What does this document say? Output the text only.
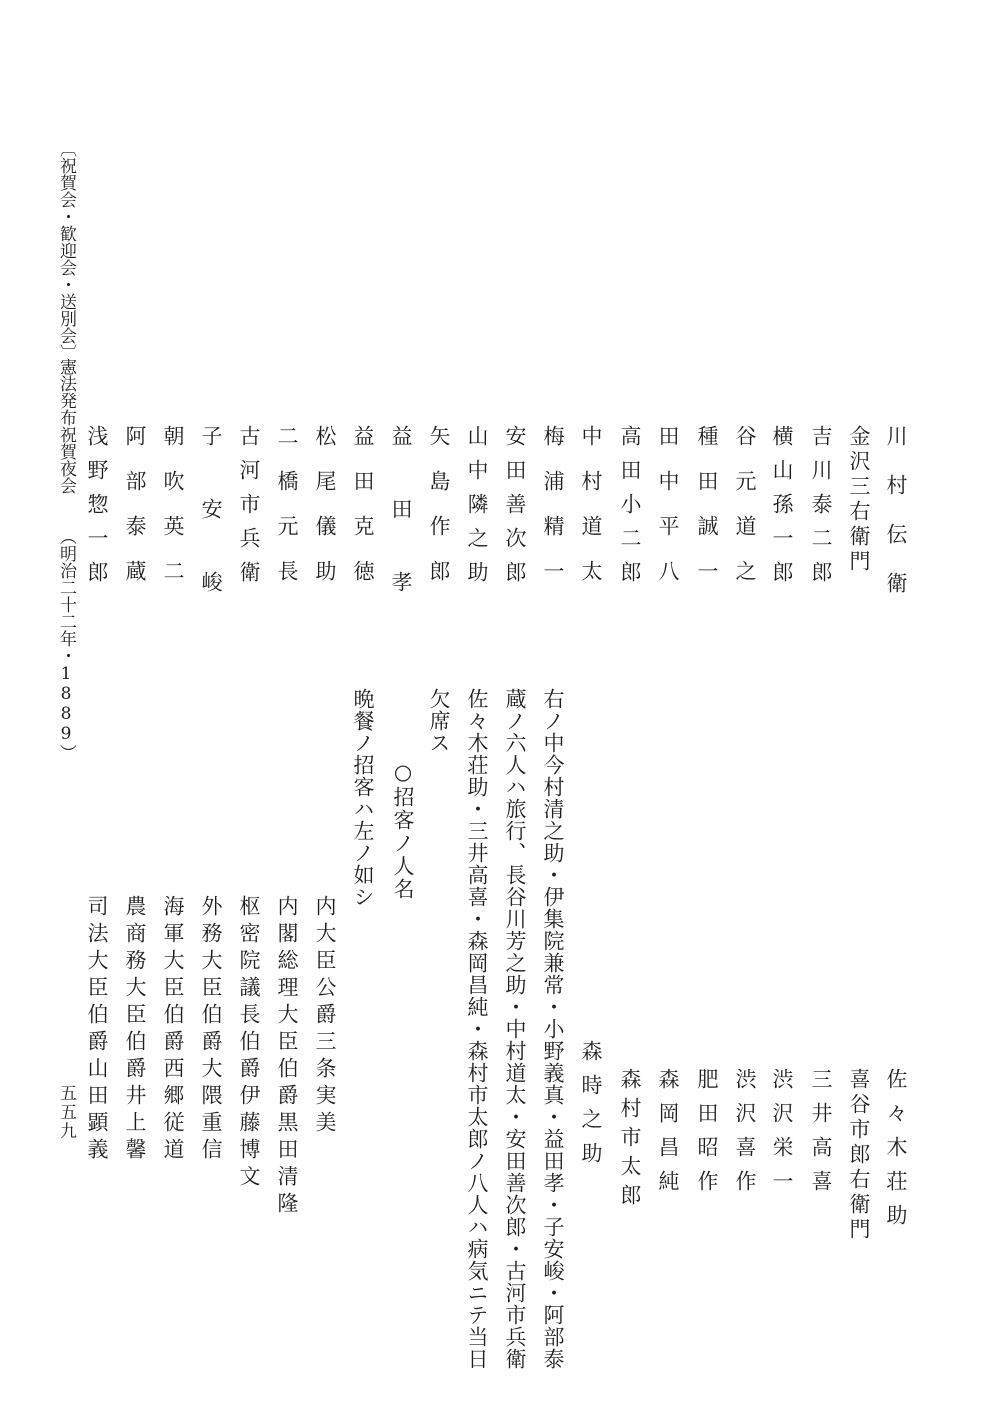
〔祝賀会・歓迎会・送別会〕
憲法発布祝賀夜会
（明治二十二年・1889）
五五九
川村伝衛
金沢三右衛門
吉川泰二郎
横山孫一郎
谷元道之
種田誠一
田中平八
高田小二郎
中村道太
梅浦精一
安田善次郎
山中隣之助
矢島作郎
益田孝
益田克徳
松尾儀助
二橋元長
古河市兵衛
子安峻
朝吹英二
阿部泰蔵
浅野惣一郎
佐々木荘助
喜谷市郎右衛門
三井高喜
渋沢栄一
渋沢喜作
肥田昭作
森岡昌純
森村市太郎
森時之助
右ノ中今村清之助・伊集院兼常・小野義真・益田孝・子安峻・阿部泰
蔵ノ六人ハ旅行、長谷川芳之助・中村道太・安田善次郎・古河市兵衛
佐々木荘助・三井高喜・森岡昌純・森村市太郎ノ八人ハ病気ニテ当日
欠席ス
○招客ノ人名
晩餐ノ招客ハ左ノ如シ
内大臣公爵三条実美
内閣総理大臣伯爵黒田清隆
枢密院議長伯爵伊藤博文
外務大臣伯爵大隈重信
海軍大臣伯爵西郷従道
農商務大臣伯爵井上馨
司法大臣伯爵山田顕義
